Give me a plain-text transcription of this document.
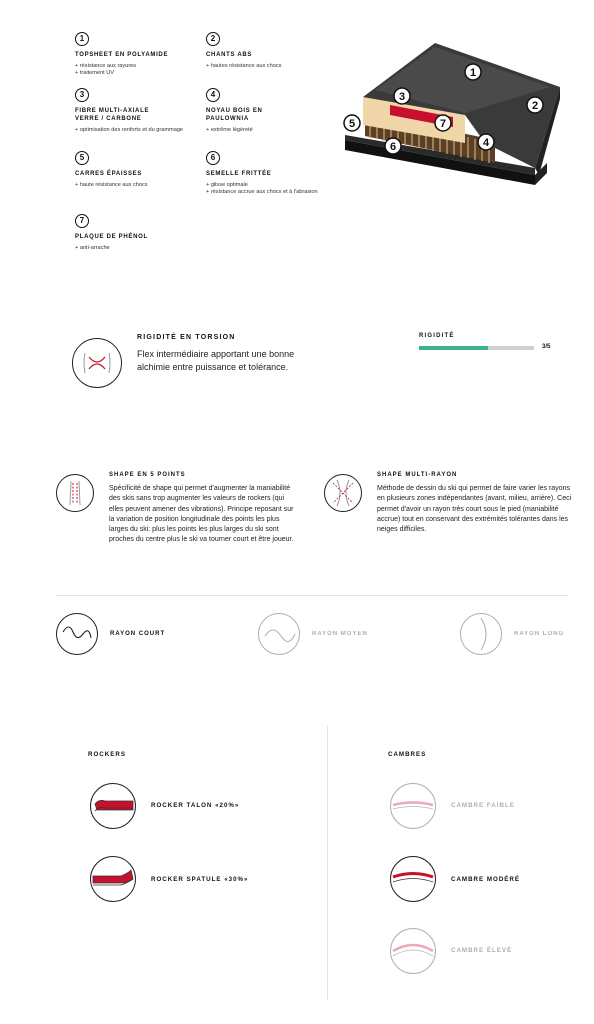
1
TOPSHEET EN POLYAMIDE
+ résistance aux rayures
+ traitement UV
2
CHANTS ABS
+ hautes résistance aux chocs
3
FIBRE MULTI-AXIALE VERRE / CARBONE
+ optimisation des renforts et du grammage
4
NOYAU BOIS EN PAULOWNIA
+ extrême légèreté
5
CARRES ÉPAISSES
+ haute résistance aux chocs
6
SEMELLE FRITTÉE
+ glisse optimale
+ résistance accrue aux chocs et à l'abrasion
7
PLAQUE DE PHÉNOL
+ anti-arrache
1
2
3
4
5
6
7
RIGIDITÉ EN TORSION
Flex intermédiaire apportant une bonne alchimie entre puissance et tolérance.
RIGIDITÉ
3/5
SHAPE EN 5 POINTS
Spécificité de shape qui permet d'augmenter la maniabilité des skis sans trop augmenter les valeurs de rockers (qui elles peuvent amener des vibrations). Principe reposant sur la variation de position longitudinale des points les plus larges du ski: plus les points les plus larges du ski sont proches du centre plus le ski va tourner court et être joueur.
SHAPE MULTI-RAYON
Méthode de dessin du ski qui permet de faire varier les rayons en plusieurs zones indépendantes (avant, milieu, arrière). Ceci permet d'avoir un rayon très court sous le pied (maniabilité accrue) tout en conservant des extrémités tolérantes dans les neiges difficiles.
RAYON COURT	RAYON MOYEN	RAYON LONG
ROCKERS
ROCKER TALON «20%»
ROCKER SPATULE «30%»
CAMBRES
CAMBRE FAIBLE
CAMBRE MODÉRÉ
CAMBRE ÉLEVÉ
